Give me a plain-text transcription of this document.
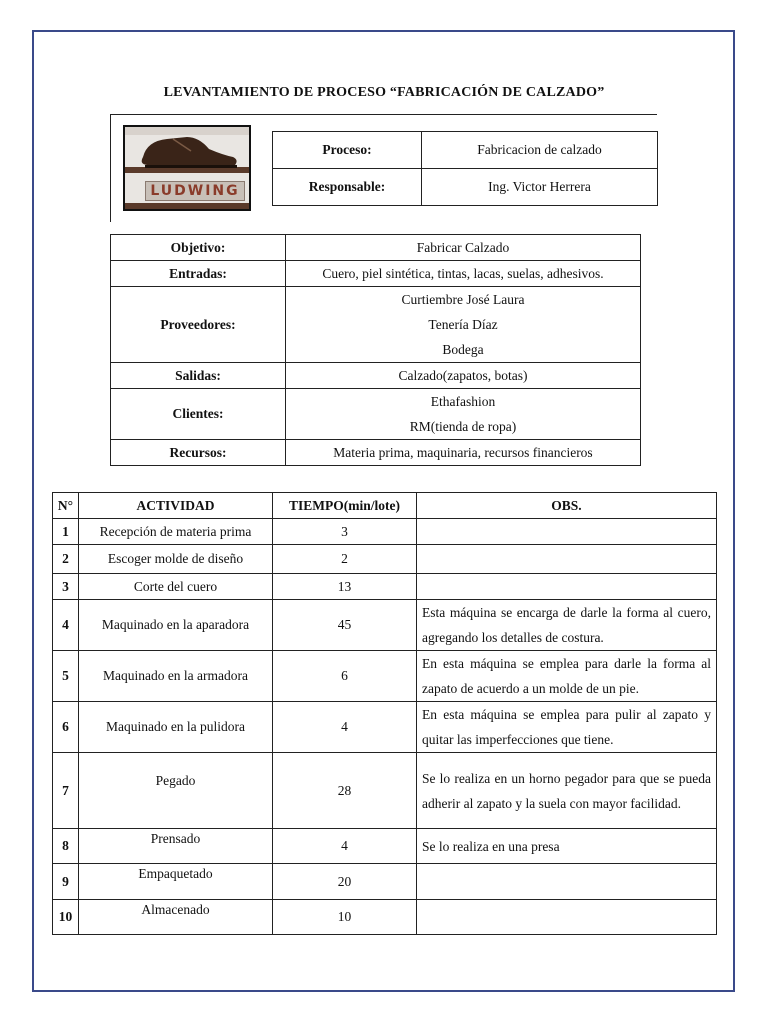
LEVANTAMIENTO DE PROCESO “FABRICACIÓN DE CALZADO”
LUDWING
Proceso:	Fabricacion de calzado
Responsable:	Ing. Victor Herrera
Objetivo:	Fabricar Calzado
Entradas:	Cuero, piel sintética, tintas, lacas, suelas, adhesivos.
Proveedores:	Curtiembre José Laura
Tenería Díaz
Bodega

Salidas:	Calzado(zapatos, botas)
Clientes:	Ethafashion
RM(tienda de ropa)

Recursos:	Materia prima, maquinaria, recursos financieros
N°	ACTIVIDAD	TIEMPO(min/lote)	OBS.
1	Recepción de materia prima	3	
2	Escoger molde de diseño	2	
3	Corte del cuero	13	
4	Maquinado en la aparadora	45	Esta máquina se encarga de darle la forma al cuero, agregando los detalles de costura.
5	Maquinado en la armadora	6	En esta máquina se emplea para darle la forma al zapato de acuerdo a un molde de un pie.
6	Maquinado en la pulidora	4	En esta máquina se emplea para pulir al zapato y quitar las imperfecciones que tiene.
7	Pegado	28	Se lo realiza en un horno pegador para que se pueda adherir al zapato y la suela con mayor facilidad.
8	Prensado	4	Se lo realiza en una presa
9	Empaquetado	20	
10	Almacenado	10	
